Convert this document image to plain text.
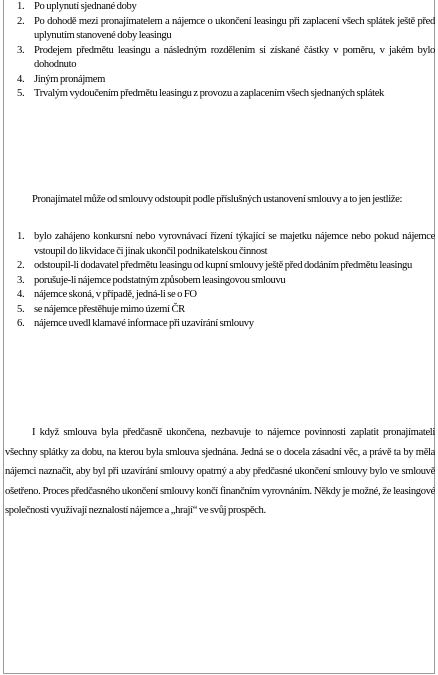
1. Po uplynutí sjednané doby
2. Po dohodě mezi pronajímatelem a nájemce o ukončení leasingu při zaplacení všech splátek ještě před uplynutím stanovené doby leasingu
3. Prodejem předmětu leasingu a následným rozdělením si získané částky v poměru, v jakém bylo dohodnuto
4. Jiným pronájmem
5. Trvalým vydoučením předmětu leasingu z provozu a zaplacením všech sjednaných splátek

Pronajímatel může od smlouvy odstoupit podle příslušných ustanovení smlouvy a to jen jestliže:

1. bylo zahájeno konkursní nebo vyrovnávací řízení týkající se majetku nájemce nebo pokud nájemce vstoupil do likvidace či jinak ukončil podnikatelskou činnost
2. odstoupil-li dodavatel předmětu leasingu od kupní smlouvy ještě před dodáním předmětu leasingu
3. porušuje-li nájemce podstatným způsobem leasingovou smlouvu
4. nájemce skoná, v případě, jedná-li se o FO
5. se nájemce přestěhuje mimo území ČR
6. nájemce uvedl klamavé informace při uzavírání smlouvy

I když smlouva byla předčasně ukončena, nezbavuje to nájemce povinnosti zaplatit pronajímateli všechny splátky za dobu, na kterou byla smlouva sjednána. Jedná se o docela zásadní věc, a právě ta by měla nájemci naznačit, aby byl při uzavírání smlouvy opatrný a aby předčasné ukončení smlouvy bylo ve smlouvě ošetřeno. Proces předčasného ukončení smlouvy končí finančním vyrovnáním. Někdy je možné, že leasingové společnosti využívají neznalostí nájemce a „hrají“ ve svůj prospěch.
